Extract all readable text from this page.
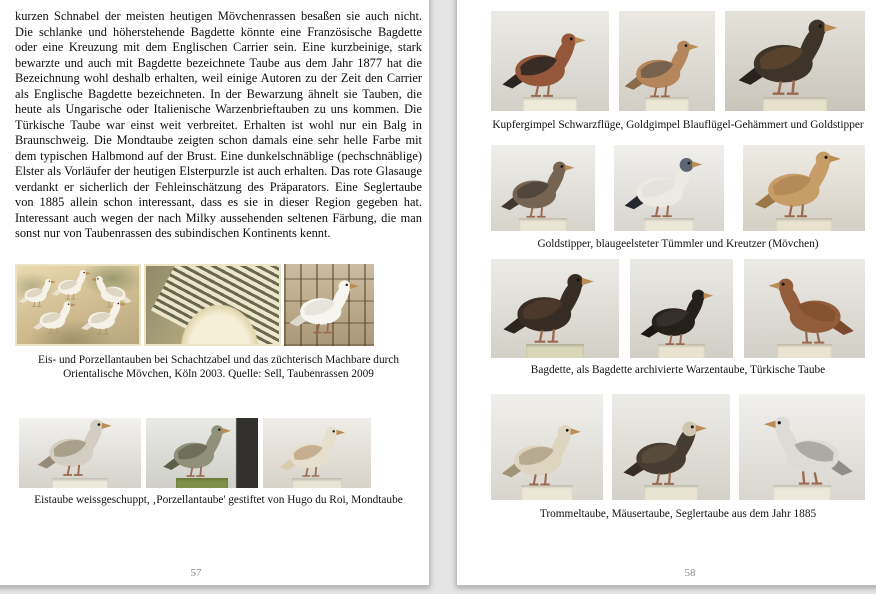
kurzen Schnabel der meisten heutigen Mövchenrassen besaßen sie auch nicht. Die schlanke und höherstehende Bagdette könnte eine Französische Bagdette oder eine Kreuzung mit dem Englischen Carrier sein. Eine kurzbeinige, stark bewarzte und auch mit Bagdette bezeichnete Taube aus dem Jahr 1877 hat die Bezeichnung wohl deshalb erhalten, weil einige Autoren zu der Zeit den Carrier als Englische Bagdette bezeichneten. In der Bewarzung ähnelt sie Tauben, die heute als Ungarische oder Italienische Warzenbrieftauben zu uns kommen. Die Türkische Taube war einst weit verbreitet. Erhalten ist wohl nur ein Balg in Braunschweig. Die Mondtaube zeigten schon damals eine sehr helle Farbe mit dem typischen Halbmond auf der Brust. Eine dunkelschnäblige (pechschnäblige) Elster als Vorläufer der heutigen Elsterpurzle ist auch erhalten. Das rote Glasauge verdankt er sicherlich der Fehleinschätzung des Präparators. Eine Seglertaube von 1885 allein schon interessant, dass es sie in dieser Region gegeben hat. Interessant auch wegen der nach Milky aussehenden seltenen Färbung, die man sonst nur von Taubenrassen des subindischen Kontinents kennt.

Eis- und Porzellantauben bei Schachtzabel und das züchterisch Machbare durch Orientalische Mövchen, Köln 2003. Quelle: Sell, Taubenrassen 2009

Eistaube weissgeschuppt, ‚Porzellantaube' gestiftet von Hugo du Roi, Mondtaube

57

Kupfergimpel Schwarzflüge, Goldgimpel Blauflügel-Gehämmert und Goldstipper

Goldstipper, blaugeelsteter Tümmler und Kreutzer (Mövchen)

Bagdette, als Bagdette archivierte Warzentaube, Türkische Taube

Trommeltaube, Mäusertaube, Seglertaube aus dem Jahr 1885

58
